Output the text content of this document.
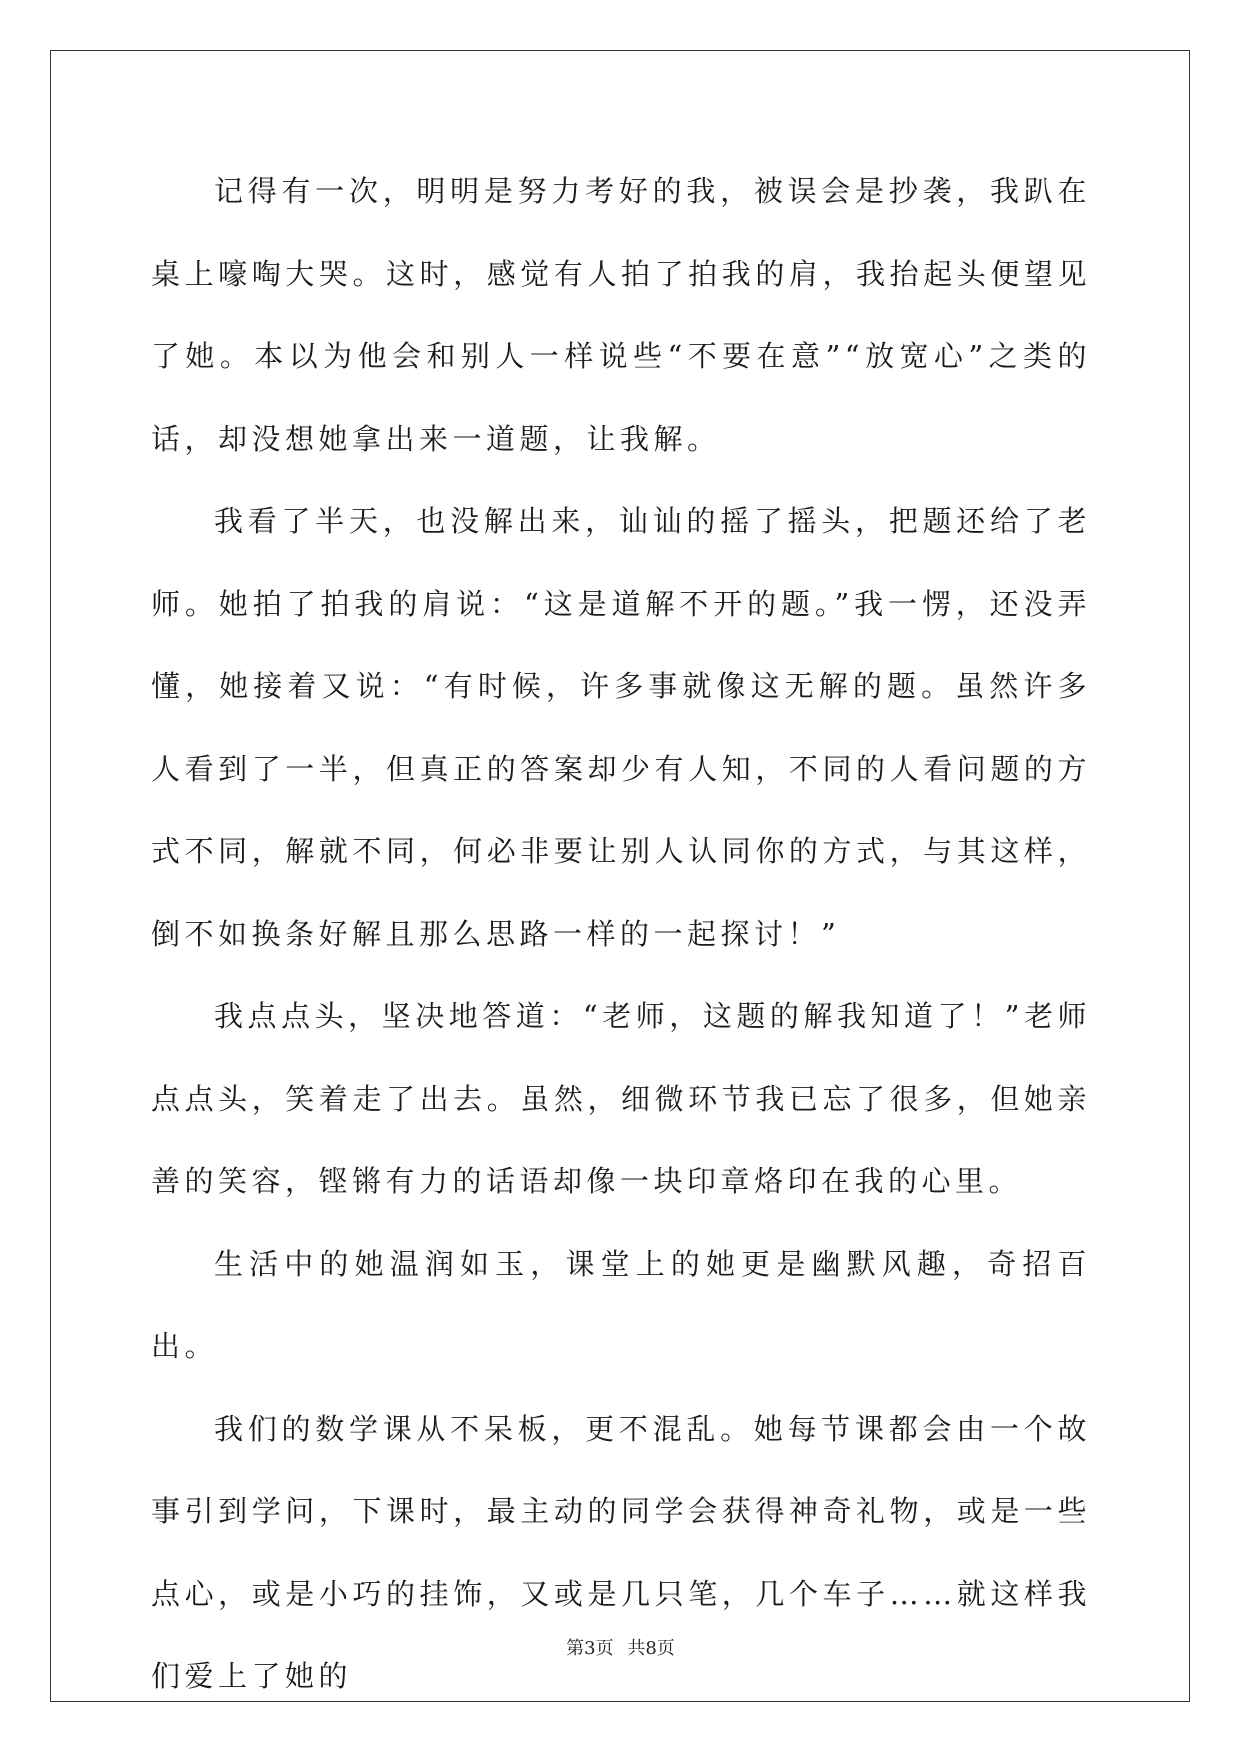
记得有一次，明明是努力考好的我，被误会是抄袭，我趴在桌上嚎啕大哭。这时，感觉有人拍了拍我的肩，我抬起头便望见了她。本以为他会和别人一样说些“不要在意”“放宽心”之类的话，却没想她拿出来一道题，让我解。

我看了半天，也没解出来，讪讪的摇了摇头，把题还给了老师。她拍了拍我的肩说：“这是道解不开的题。”我一愣，还没弄懂，她接着又说：“有时候，许多事就像这无解的题。虽然许多人看到了一半，但真正的答案却少有人知，不同的人看问题的方式不同，解就不同，何必非要让别人认同你的方式，与其这样，倒不如换条好解且那么思路一样的一起探讨！”

我点点头，坚决地答道：“老师，这题的解我知道了！”老师点点头，笑着走了出去。虽然，细微环节我已忘了很多，但她亲善的笑容，铿锵有力的话语却像一块印章烙印在我的心里。

生活中的她温润如玉，课堂上的她更是幽默风趣，奇招百出。

我们的数学课从不呆板，更不混乱。她每节课都会由一个故事引到学问，下课时，最主动的同学会获得神奇礼物，或是一些点心，或是小巧的挂饰，又或是几只笔，几个车子……就这样我们爱上了她的

第3页 共8页
